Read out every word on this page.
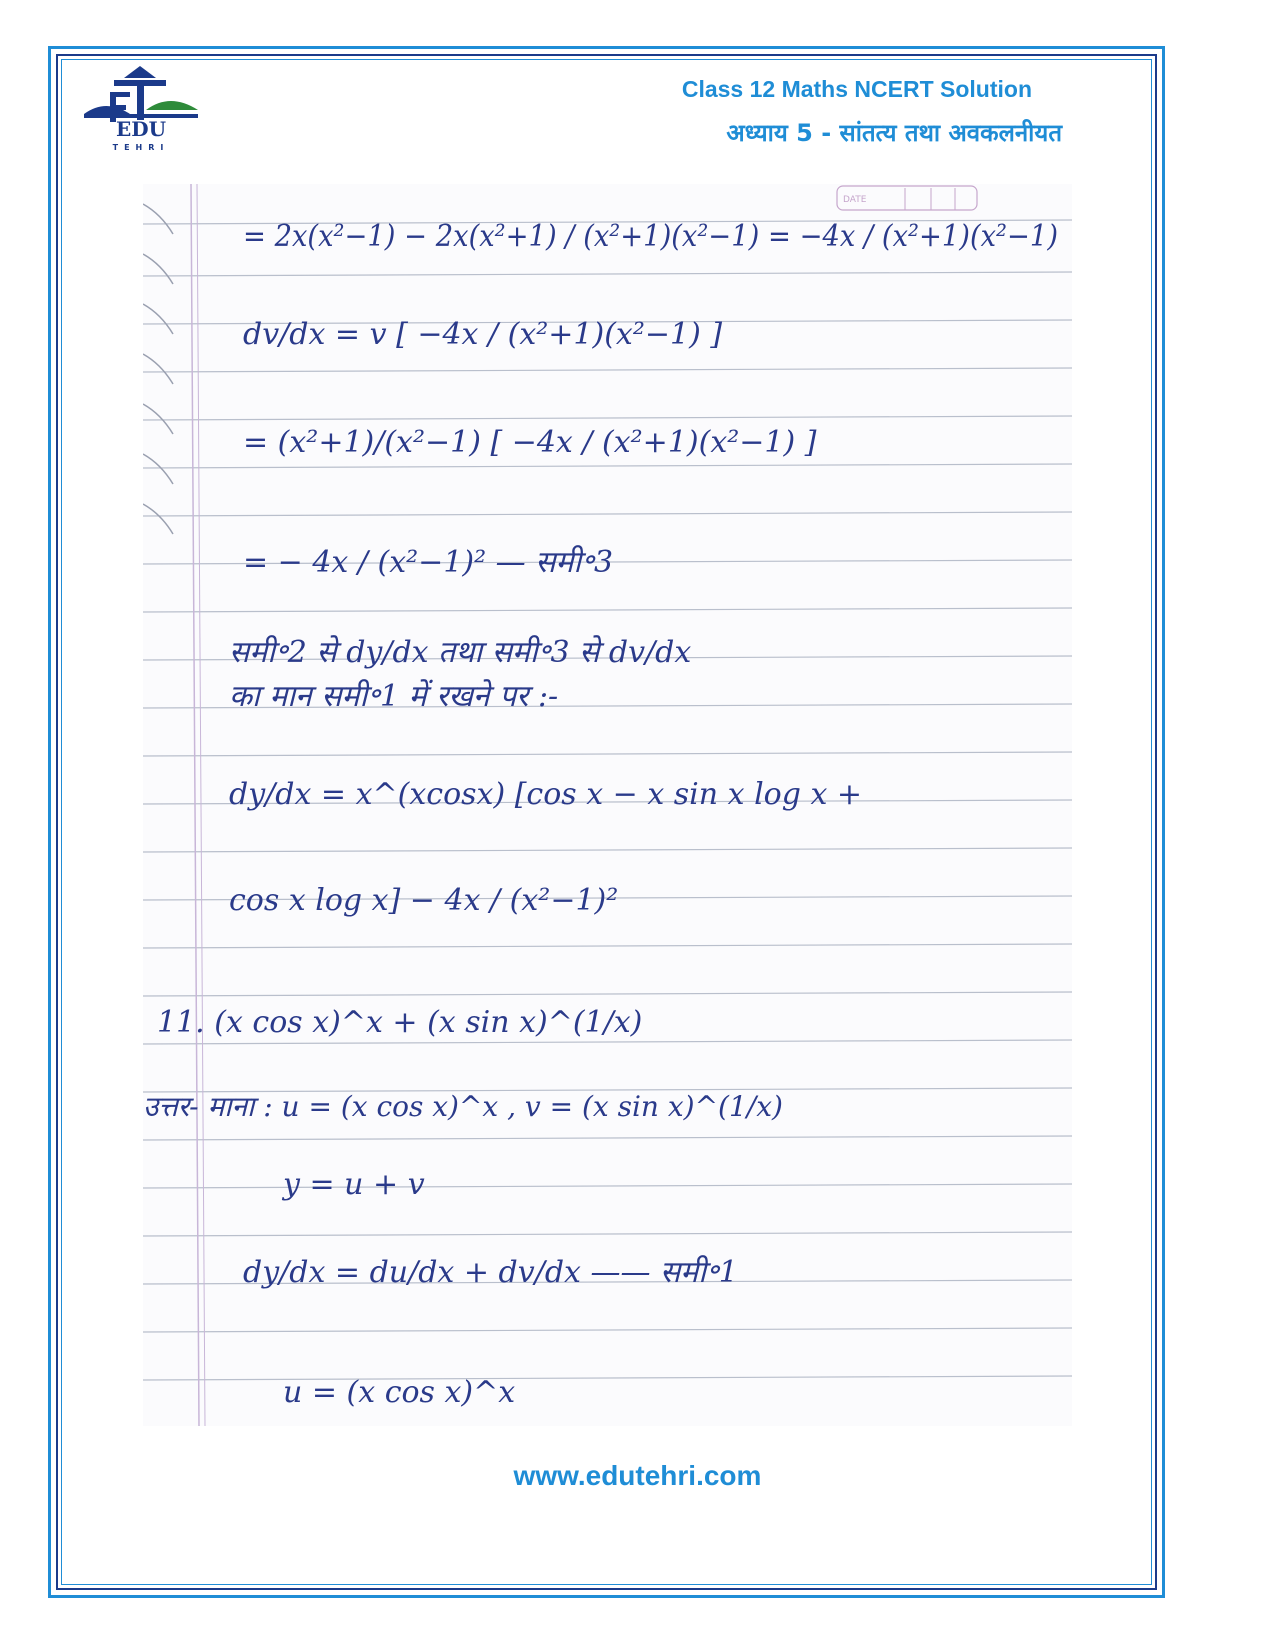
EDU
TEHRI
Class 12 Maths NCERT Solution
अध्याय 5 - सांतत्य तथा अवकलनीयत
DATE
= 2x(x²−1) − 2x(x²+1) / (x²+1)(x²−1) = −4x / (x²+1)(x²−1)
dv/dx = v [ −4x / (x²+1)(x²−1) ]
= (x²+1)/(x²−1) [ −4x / (x²+1)(x²−1) ]
= − 4x / (x²−1)² — समी॰3
समी॰2 से dy/dx तथा समी॰3 से dv/dx
का मान समी॰1 में रखने पर :-
dy/dx = x^(xcosx) [cos x − x sin x log x +
cos x log x] − 4x / (x²−1)²
11. (x cos x)^x + (x sin x)^(1/x)
उत्तर- माना : u = (x cos x)^x , v = (x sin x)^(1/x)
y = u + v
dy/dx = du/dx + dv/dx —— समी॰1
u = (x cos x)^x
www.edutehri.com
